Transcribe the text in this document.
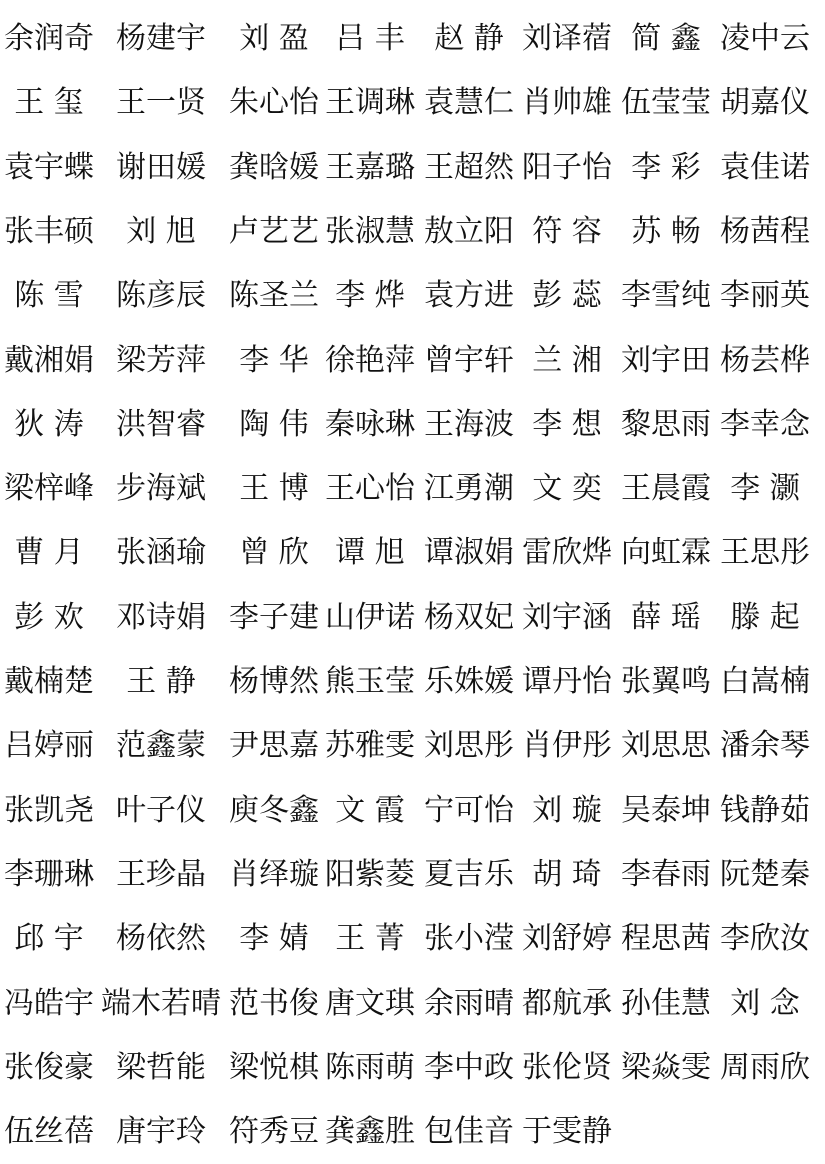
余润奇 杨建宇	刘 盈 吕 丰 赵 静 刘译蓿 简 鑫 凌中云
王 玺	王一贤 朱心怡 王调琳 袁慧仁 肖帅雄 伍莹莹 胡嘉仪
袁宇蝶 谢田媛 龚晗媛 王嘉璐 王超然 阳子怡 李 彩 袁佳诺
张丰硕	刘 旭	卢艺艺 张淑慧 敖立阳 符 容 苏 畅 杨茜程
陈 雪	陈彦辰 陈圣兰 李 烨 袁方进 彭 蕊 李雪纯 李丽英
戴湘娟 梁芳萍	李 华 徐艳萍 曾宇轩 兰 湘 刘宇田 杨芸桦
狄 涛	洪智睿	陶 伟 秦咏琳 王海波 李 想 黎思雨 李幸念
梁梓峰 步海斌	王 博 王心怡 江勇潮 文 奕 王晨霞 李 灏
曹 月	张涵瑜	曾 欣 谭 旭 谭淑娟 雷欣烨 向虹霖 王思彤
彭 欢	邓诗娟 李子建 山伊诺 杨双妃 刘宇涵 薛 瑶 滕 起
戴楠楚	王 静	杨博然 熊玉莹 乐姝媛 谭丹怡 张翼鸣 白嵩楠
吕婷丽 范鑫蒙 尹思嘉 苏雅雯 刘思彤 肖伊彤 刘思思 潘余琴
张凯尧 叶子仪 庾冬鑫 文 霞 宁可怡 刘 璇 吴泰坤 钱静茹
李珊琳 王珍晶 肖绎璇 阳紫菱 夏吉乐 胡 琦 李春雨 阮楚秦
邱 宇	杨依然	李 婧 王 菁 张小滢 刘舒婷 程思茜 李欣汝
冯皓宇 端木若晴 范书俊 唐文琪 余雨晴 都航承 孙佳慧 刘 念
张俊豪 梁哲能 梁悦棋 陈雨萌 李中政 张伦贤 梁焱雯 周雨欣
伍丝蓓 唐宇玲 符秀豆 龚鑫胜 包佳音 于雯静
